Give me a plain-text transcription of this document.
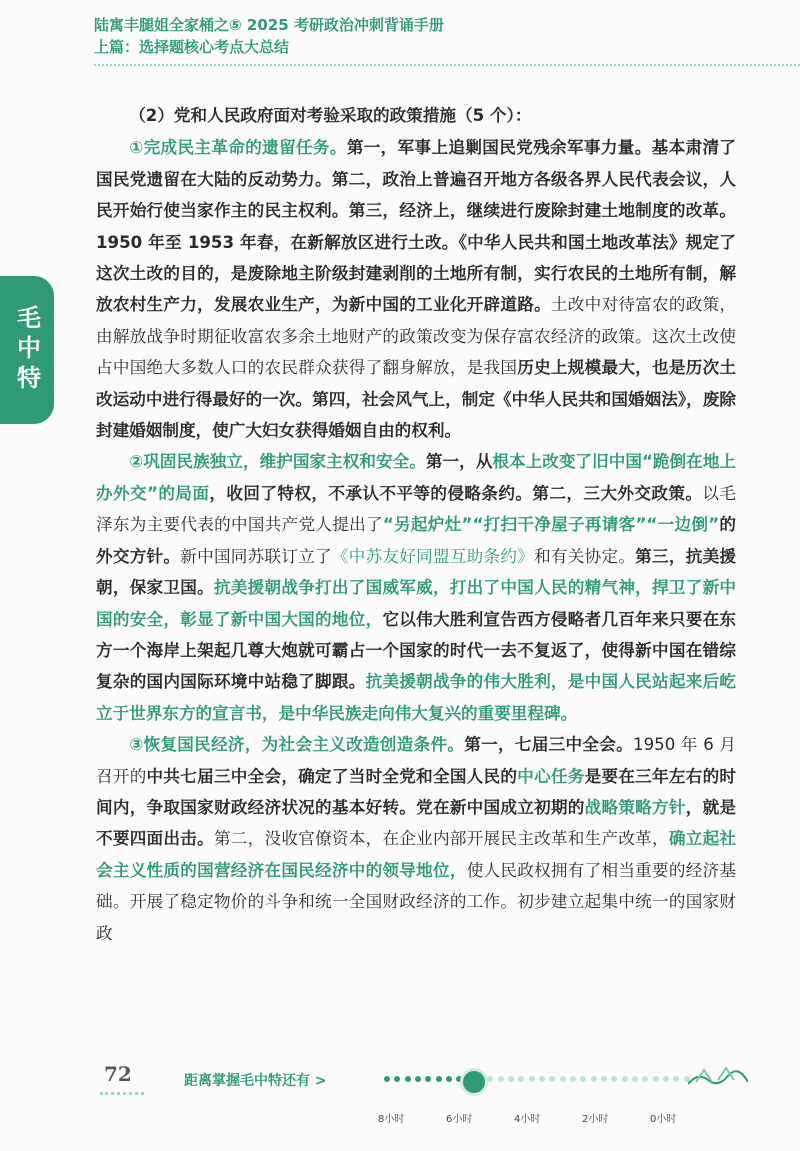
陆寓丰腿姐全家桶之⑤ 2025 考研政治冲刺背诵手册
上篇：选择题核心考点大总结
毛中特

（2）党和人民政府面对考验采取的政策措施（5 个）：

①完成民主革命的遗留任务。第一，军事上追剿国民党残余军事力量。基本肃清了国民党遗留在大陆的反动势力。第二，政治上普遍召开地方各级各界人民代表会议，人民开始行使当家作主的民主权利。第三，经济上，继续进行废除封建土地制度的改革。1950 年至 1953 年春，在新解放区进行土改。《中华人民共和国土地改革法》规定了这次土改的目的，是废除地主阶级封建剥削的土地所有制，实行农民的土地所有制，解放农村生产力，发展农业生产，为新中国的工业化开辟道路。土改中对待富农的政策，由解放战争时期征收富农多余土地财产的政策改变为保存富农经济的政策。这次土改使占中国绝大多数人口的农民群众获得了翻身解放，是我国历史上规模最大，也是历次土改运动中进行得最好的一次。第四，社会风气上，制定《中华人民共和国婚姻法》，废除封建婚姻制度，使广大妇女获得婚姻自由的权利。

②巩固民族独立，维护国家主权和安全。第一，从根本上改变了旧中国“跪倒在地上办外交”的局面，收回了特权，不承认不平等的侵略条约。第二，三大外交政策。以毛泽东为主要代表的中国共产党人提出了“另起炉灶”“打扫干净屋子再请客”“一边倒”的外交方针。新中国同苏联订立了《中苏友好同盟互助条约》和有关协定。第三，抗美援朝，保家卫国。抗美援朝战争打出了国威军威，打出了中国人民的精气神，捍卫了新中国的安全，彰显了新中国大国的地位，它以伟大胜利宣告西方侵略者几百年来只要在东方一个海岸上架起几尊大炮就可霸占一个国家的时代一去不复返了，使得新中国在错综复杂的国内国际环境中站稳了脚跟。抗美援朝战争的伟大胜利，是中国人民站起来后屹立于世界东方的宣言书，是中华民族走向伟大复兴的重要里程碑。

③恢复国民经济，为社会主义改造创造条件。第一，七届三中全会。1950 年 6 月召开的中共七届三中全会，确定了当时全党和全国人民的中心任务是要在三年左右的时间内，争取国家财政经济状况的基本好转。党在新中国成立初期的战略策略方针，就是不要四面出击。第二，没收官僚资本，在企业内部开展民主改革和生产改革，确立起社会主义性质的国营经济在国民经济中的领导地位，使人民政权拥有了相当重要的经济基础。开展了稳定物价的斗争和统一全国财政经济的工作。初步建立起集中统一的国家财政

72	距离掌握毛中特还有 >
8小时	6小时	4小时	2小时	0小时
